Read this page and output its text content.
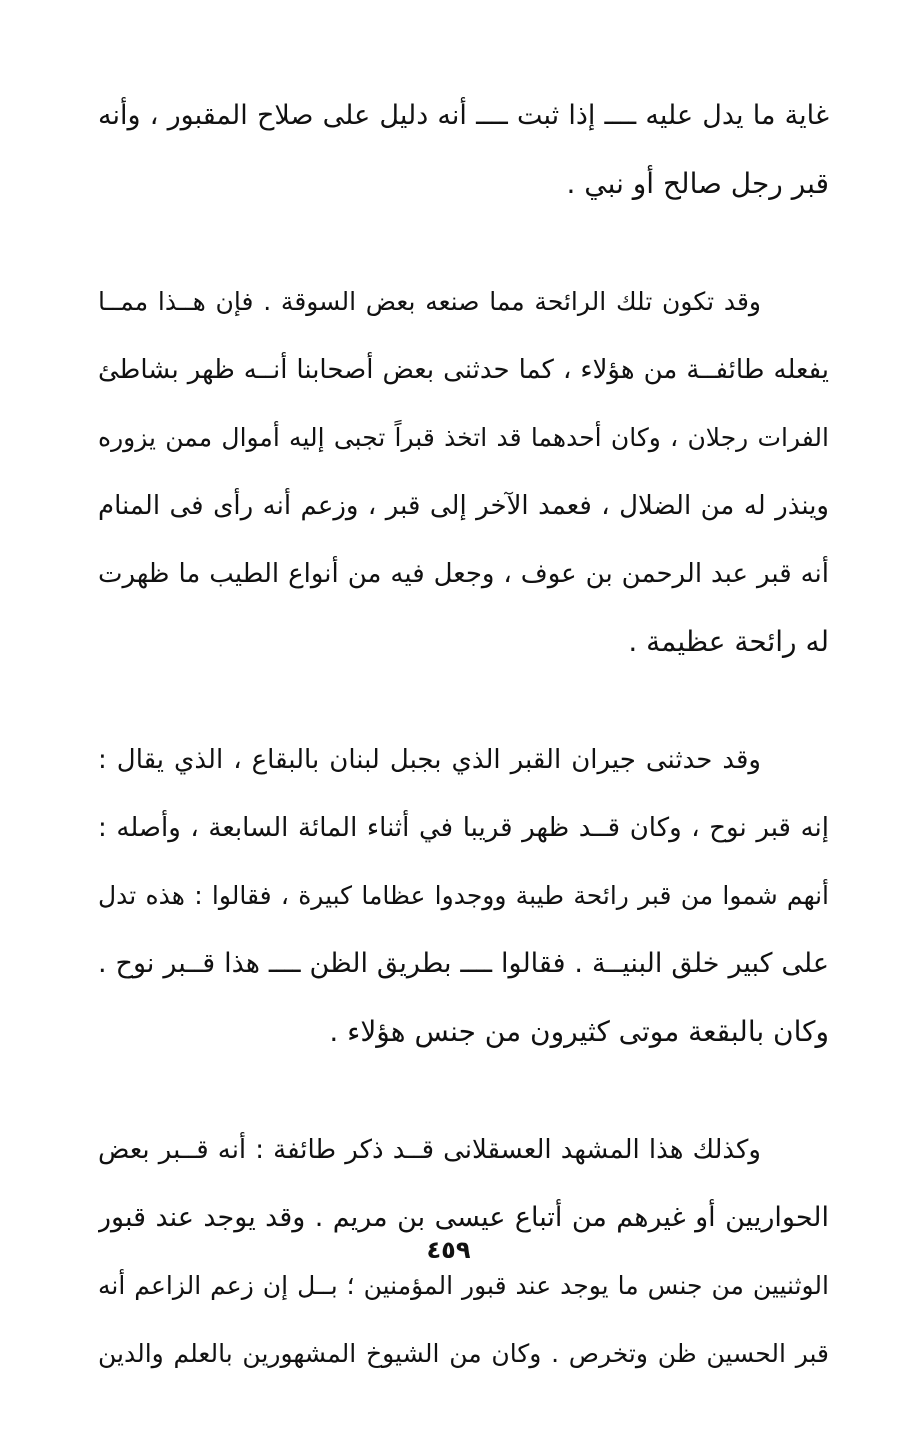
غاية ما يدل عليه ــــ إذا ثبت ــــ أنه دليل على صلاح المقبور ، وأنه
قبر رجل صالح أو نبي .
وقد تكون تلك الرائحة مما صنعه بعض السوقة . فإن هــذا ممــا
يفعله طائفــة من هؤلاء ، كما حدثنى بعض أصحابنا أنــه ظهر بشاطئ
الفرات رجلان ، وكان أحدهما قد اتخذ قبراً تجبى إليه أموال ممن يزوره
وينذر له من الضلال ، فعمد الآخر إلى قبر ، وزعم أنه رأى فى المنام
أنه قبر عبد الرحمن بن عوف ، وجعل فيه من أنواع الطيب ما ظهرت
له رائحة عظيمة .
وقد حدثنى جيران القبر الذي بجبل لبنان بالبقاع ، الذي يقال :
إنه قبر نوح ، وكان قــد ظهر قريبا في أثناء المائة السابعة ، وأصله :
أنهم شموا من قبر رائحة طيبة ووجدوا عظاما كبيرة ، فقالوا : هذه تدل
على كبير خلق البنيــة . فقالوا ــــ بطريق الظن ــــ هذا قــبر نوح .
وكان بالبقعة موتى كثيرون من جنس هؤلاء .
وكذلك هذا المشهد العسقلانى قــد ذكر طائفة : أنه قــبر بعض
الحواريين أو غيرهم من أتباع عيسى بن مريم . وقد يوجد عند قبور
الوثنيين من جنس ما يوجد عند قبور المؤمنين ؛ بــل إن زعم الزاعم أنه
قبر الحسين ظن وتخرص . وكان من الشيوخ المشهورين بالعلم والدين
٤٥٩
